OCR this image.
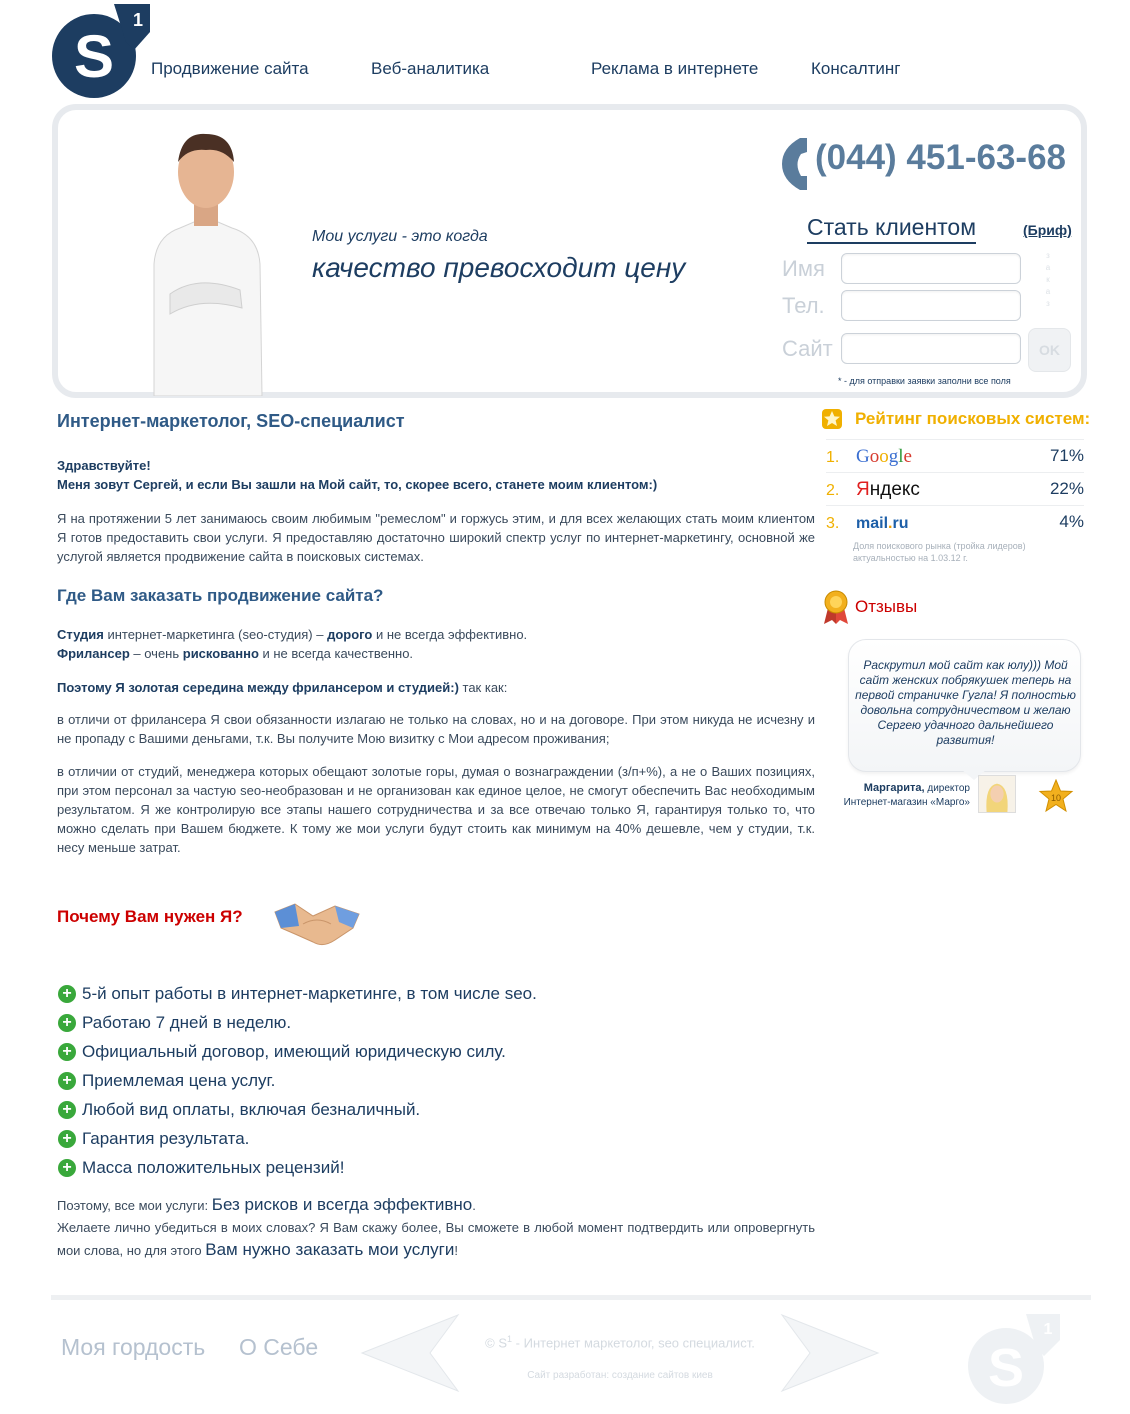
S
1
Продвижение сайта	Веб-аналитика	Реклама в интернете	Консалтинг
Мои услуги - это когда
качество превосходит цену
(044) 451-63-68
Стать клиентом	(Бриф)
Имя
Тел.
Сайт
з
а
к
а
з
OK
* - для отправки заявки заполни все поля
Интернет-маркетолог, SEO-специалист
Здравствуйте!
Меня зовут Сергей, и если Вы зашли на Мой сайт, то, скорее всего, станете моим клиентом:)

Я на протяжении 5 лет занимаюсь своим любимым "ремеслом" и горжусь этим, и для всех желающих стать моим клиентом Я готов предоставить свои услуги. Я предоставляю достаточно широкий спектр услуг по интернет-маркетингу, основной же услугой является продвижение сайта в поисковых системах.

Где Вам заказать продвижение сайта?
Студия интернет-маркетинга (seo-студия) – дорого и не всегда эффективно.
Фрилансер – очень рискованно и не всегда качественно.
Поэтому Я золотая середина между фрилансером и студией:) так как:

в отличи от фрилансера Я свои обязанности излагаю не только на словах, но и на договоре. При этом никуда не исчезну и не пропаду с Вашими деньгами, т.к. Вы получите Мою визитку с Мои адресом проживания;

в отличии от студий, менеджера которых обещают золотые горы, думая о вознаграждении (з/п+%), а не о Ваших позициях, при этом персонал за частую seo-необразован и не организован как единое целое, не смогут обеспечить Вас необходимым результатом. Я же контролирую все этапы нашего сотрудничества и за все отвечаю только Я, гарантируя только то, что можно сделать при Вашем бюджете. К тому же мои услуги будут стоить как минимум на 40% дешевле, чем у студии, т.к. несу меньше затрат.

Почему Вам нужен Я?
+ 5-й опыт работы в интернет-маркетинге, в том числе seo.
+ Работаю 7 дней в неделю.
+ Официальный договор, имеющий юридическую силу.
+ Приемлемая цена услуг.
+ Любой вид оплаты, включая безналичный.
+ Гарантия результата.
+ Масса положительных рецензий!

Поэтому, все мои услуги: Без рисков и всегда эффективно.
Желаете лично убедиться в моих словах? Я Вам скажу более, Вы сможете в любой момент подтвердить или опровергнуть мои слова, но для этого Вам нужно заказать мои услуги!

Рейтинг поисковых систем:
1. Google	71%
2. Яндекс	22%
3. mail.ru	4%
Доля поискового рынка (тройка лидеров) актуальностью на 1.03.12 г.
Отзывы
Раскрутил мой сайт как юлу))) Мой сайт женских побрякушек теперь на первой страничке Гугла! Я полностью довольна сотрудничеством и желаю Сергею удачного дальнейшего развития!
Маргарита, директор
Интернет-магазин «Марго»	10
Моя гордость О Себе	© $S^1$ - Интернет маркетолог, seo специалист.
Сайт разработан: создание сайтов киев	S
1
